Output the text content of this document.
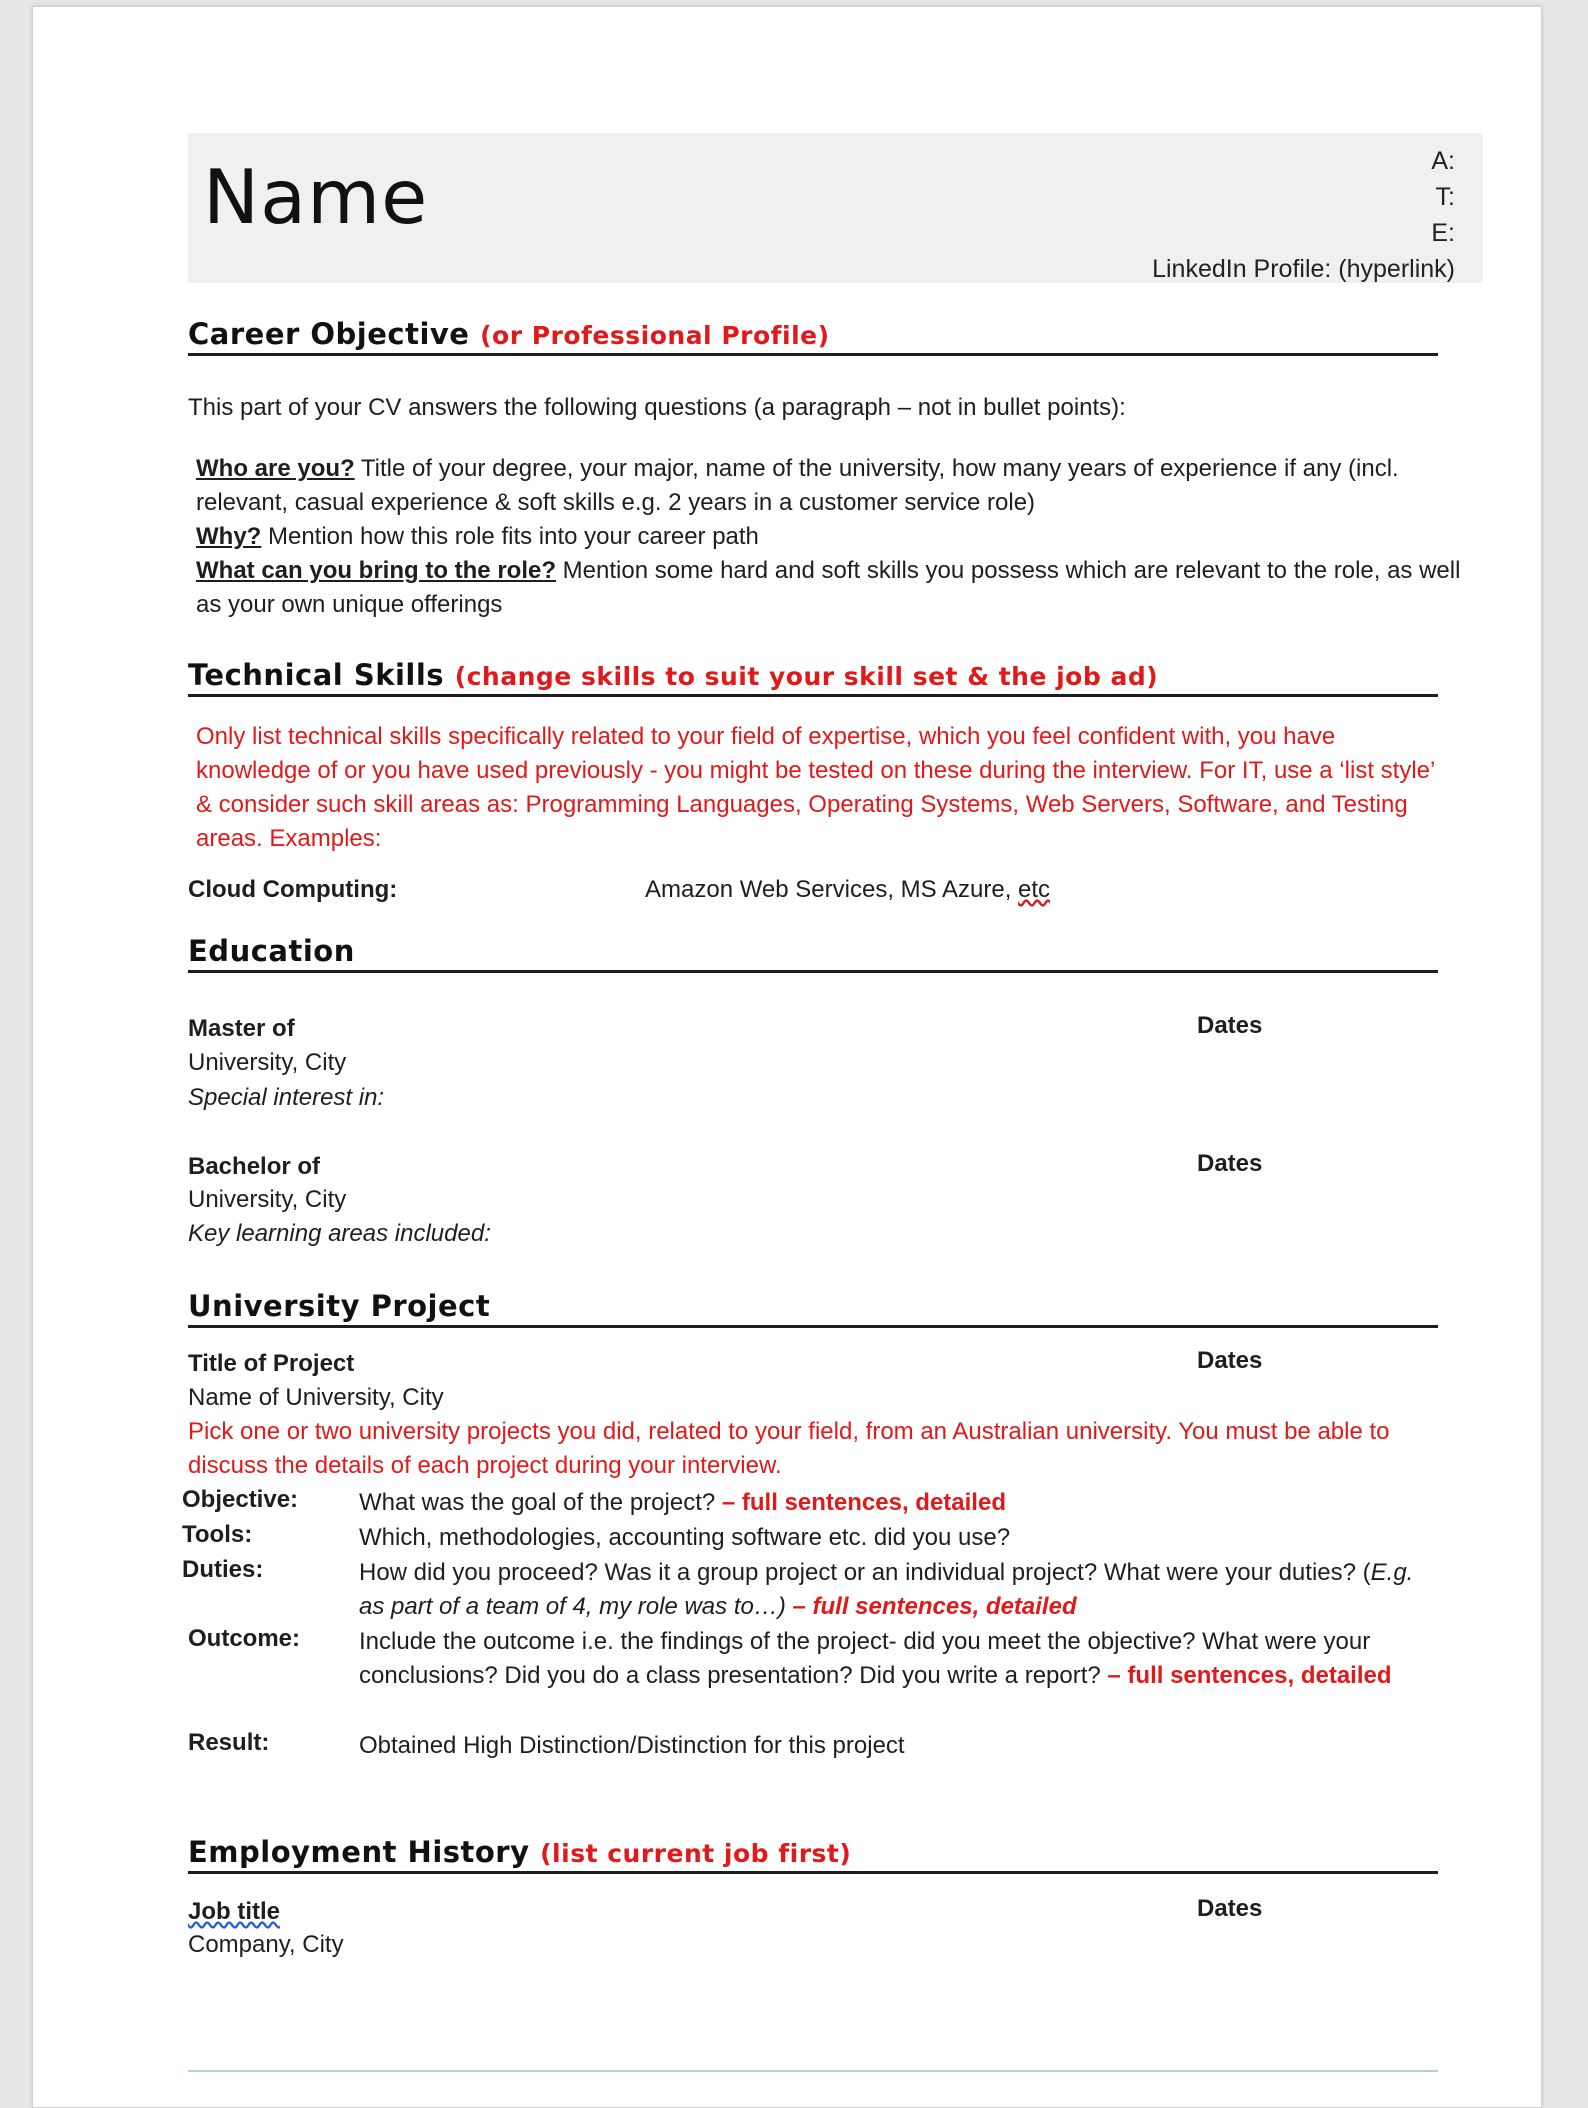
Name	A:
T:
E:
LinkedIn Profile: (hyperlink)
Career Objective (or Professional Profile)
This part of your CV answers the following questions (a paragraph – not in bullet points):
Who are you? Title of your degree, your major, name of the university, how many years of experience if any (incl. relevant, casual experience & soft skills e.g. 2 years in a customer service role)
Why? Mention how this role fits into your career path
What can you bring to the role? Mention some hard and soft skills you possess which are relevant to the role, as well as your own unique offerings
Technical Skills (change skills to suit your skill set & the job ad)
Only list technical skills specifically related to your field of expertise, which you feel confident with, you have knowledge of or you have used previously - you might be tested on these during the interview. For IT, use a ‘list style’ & consider such skill areas as: Programming Languages, Operating Systems, Web Servers, Software, and Testing areas. Examples:
Cloud Computing:	Amazon Web Services, MS Azure, etc
Education
Master of	Dates
University, City
Special interest in:
Bachelor of	Dates
University, City
Key learning areas included:
University Project
Title of Project	Dates
Name of University, City
Pick one or two university projects you did, related to your field, from an Australian university. You must be able to discuss the details of each project during your interview.
Objective:	What was the goal of the project? – full sentences, detailed
Tools:	Which, methodologies, accounting software etc. did you use?
Duties:	How did you proceed? Was it a group project or an individual project? What were your duties? (E.g. as part of a team of 4, my role was to…) – full sentences, detailed
Outcome: Include the outcome i.e. the findings of the project- did you meet the objective? What were your conclusions? Did you do a class presentation? Did you write a report? – full sentences, detailed
Result:	Obtained High Distinction/Distinction for this project
Employment History (list current job first)
Job title	Dates
Company, City
